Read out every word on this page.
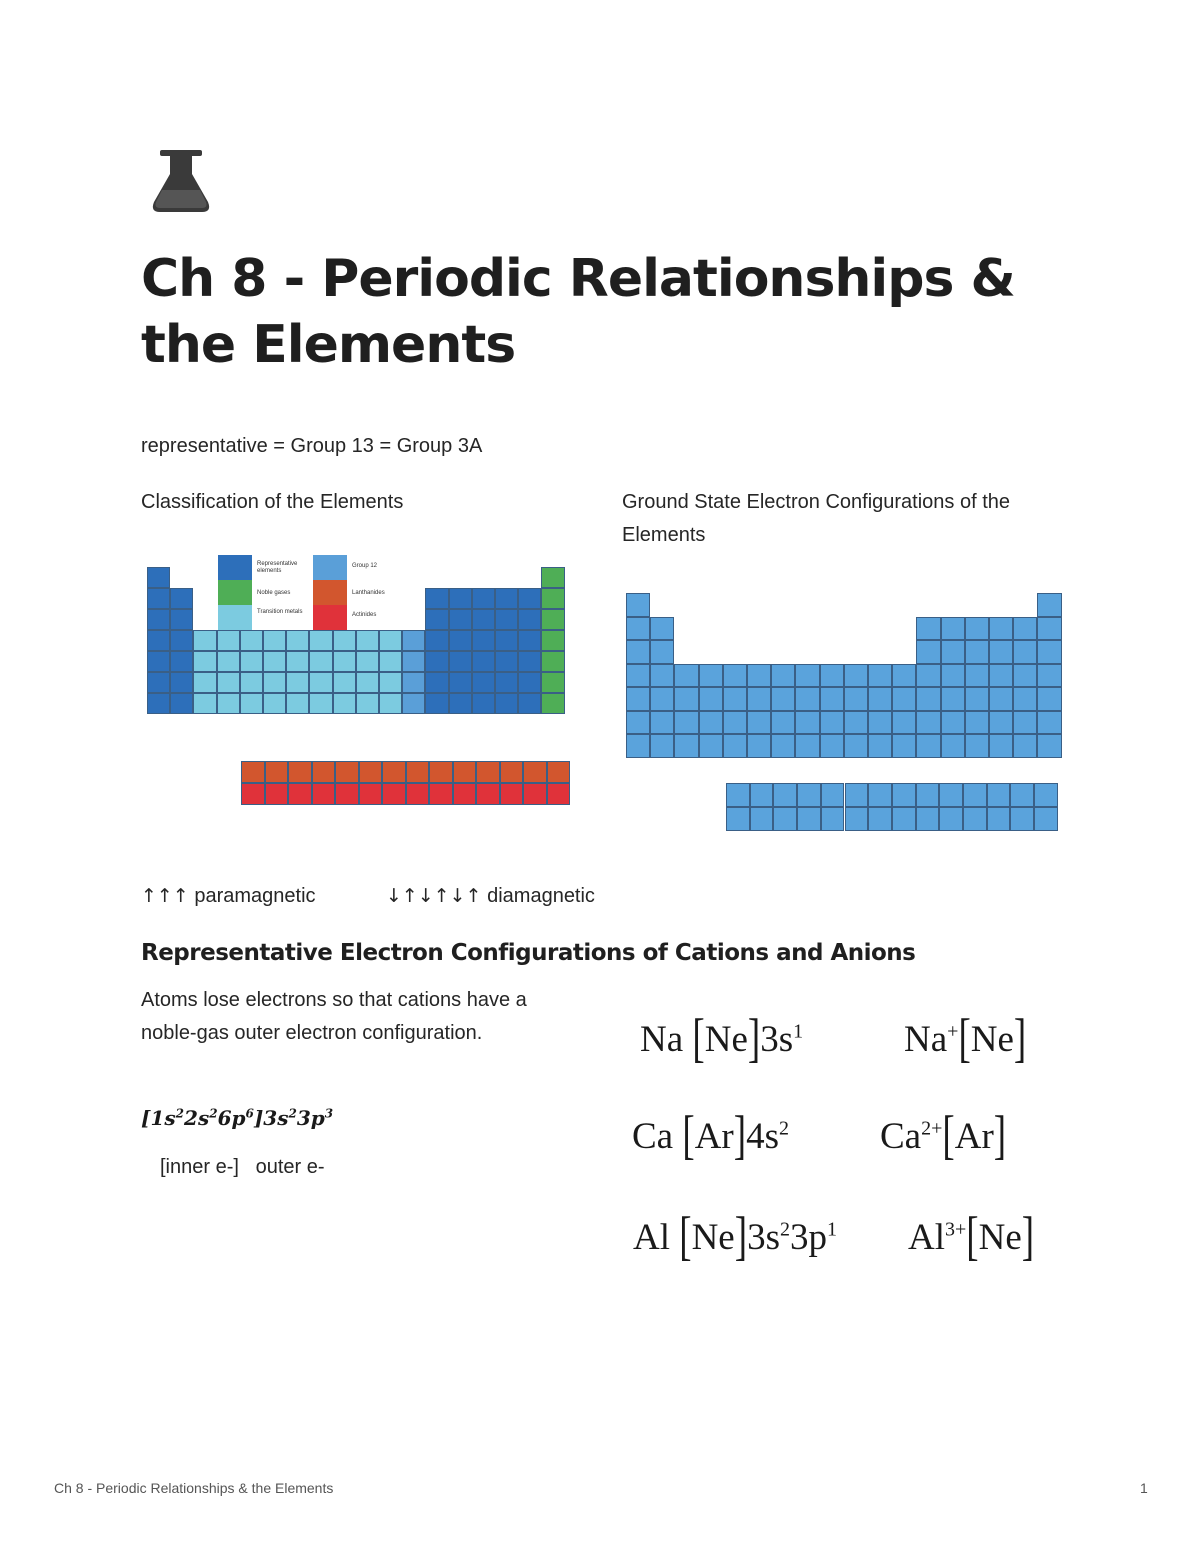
Ch 8 - Periodic Relationships & the Elements
representative = Group 13 = Group 3A
Classification of the Elements	Ground State Electron Configurations of the Elements
Representative elements
Noble gases
Transition metals
Group 12
Lanthanides
Actinides
↑↑↑ paramagnetic	↓↑↓↑↓↑ diamagnetic
Representative Electron Configurations of Cations and Anions
Atoms lose electrons so that cations have a noble-gas outer electron configuration.
$[1s^22s^26p^6]3s^23p^3$
[inner e-]   outer e-
Na $[Ne]3s^1$	Na+[Ne]
Ca $[Ar]4s^2$ $Ca^{2+}[Ar]$
Al $[Ne]3s^23p^1$ $Al^{3+}[Ne]$
Ch 8 - Periodic Relationships & the Elements	1
